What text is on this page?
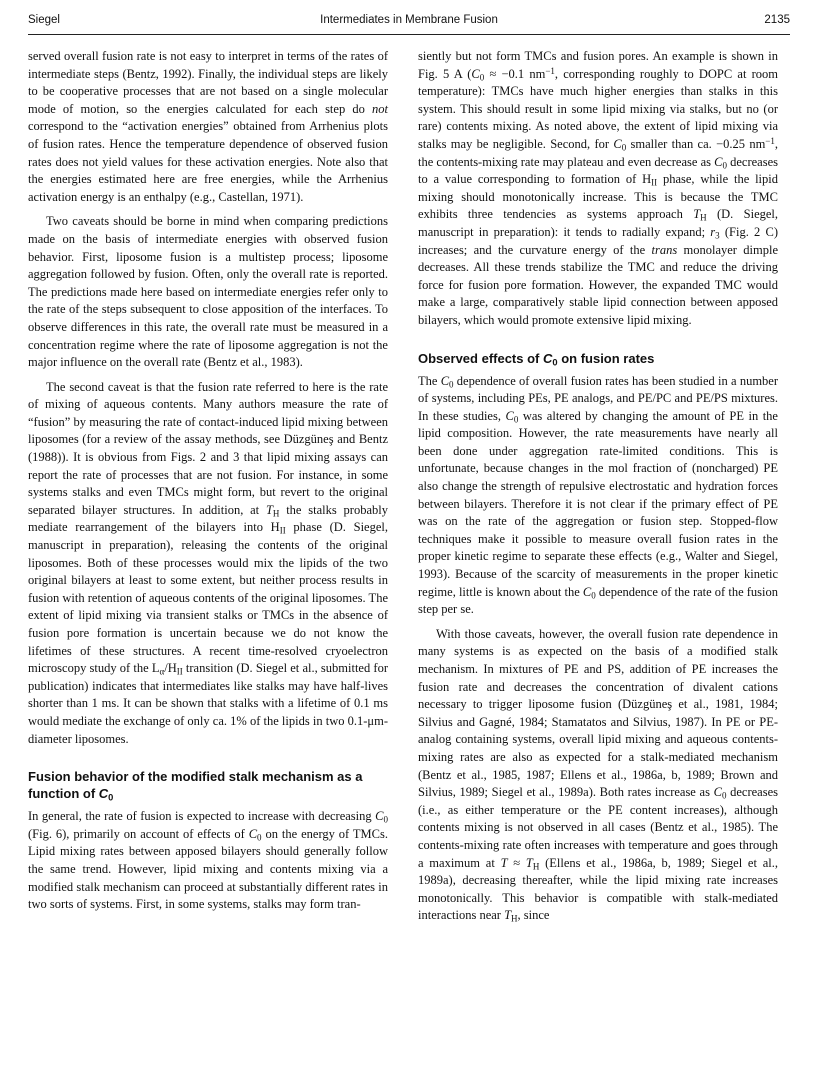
Siegel	Intermediates in Membrane Fusion	2135

served overall fusion rate is not easy to interpret in terms of the rates of intermediate steps (Bentz, 1992). Finally, the individual steps are likely to be cooperative processes that are not based on a single molecular mode of motion, so the energies calculated for each step do not correspond to the “activation energies” obtained from Arrhenius plots of fusion rates. Hence the temperature dependence of observed fusion rates does not yield values for these activation energies. Note also that the energies estimated here are free energies, while the Arrhenius activation energy is an enthalpy (e.g., Castellan, 1971).

Two caveats should be borne in mind when comparing predictions made on the basis of intermediate energies with observed fusion behavior. First, liposome fusion is a multistep process; liposome aggregation followed by fusion. Often, only the overall rate is reported. The predictions made here based on intermediate energies refer only to the rate of the steps subsequent to close apposition of the interfaces. To observe differences in this rate, the overall rate must be measured in a concentration regime where the rate of liposome aggregation is not the major influence on the overall rate (Bentz et al., 1983).

The second caveat is that the fusion rate referred to here is the rate of mixing of aqueous contents. Many authors measure the rate of “fusion” by measuring the rate of contact-induced lipid mixing between liposomes (for a review of the assay methods, see Düzgüneş and Bentz (1988)). It is obvious from Figs. 2 and 3 that lipid mixing assays can report the rate of processes that are not fusion. For instance, in some systems stalks and even TMCs might form, but revert to the original separated bilayer structures. In addition, at $T_H$ the stalks probably mediate rearrangement of the bilayers into $H_{II}$ phase (D. Siegel, manuscript in preparation), releasing the contents of the original liposomes. Both of these processes would mix the lipids of the two original bilayers at least to some extent, but neither process results in fusion with retention of aqueous contents of the original liposomes. The extent of lipid mixing via transient stalks or TMCs in the absence of fusion pore formation is uncertain because we do not know the lifetimes of these structures. A recent time-resolved cryoelectron microscopy study of the $L_\alpha/H_{II}$ transition (D. Siegel et al., submitted for publication) indicates that intermediates like stalks may have half-lives shorter than 1 ms. It can be shown that stalks with a lifetime of 0.1 ms would mediate the exchange of only ca. 1% of the lipids in two 0.1-μm-diameter liposomes.

Fusion behavior of the modified stalk mechanism as a function of $C_0$

In general, the rate of fusion is expected to increase with decreasing $C_0$ (Fig. 6), primarily on account of effects of $C_0$ on the energy of TMCs. Lipid mixing rates between apposed bilayers should generally follow the same trend. However, lipid mixing and contents mixing via a modified stalk mechanism can proceed at substantially different rates in two sorts of systems. First, in some systems, stalks may form tran-

siently but not form TMCs and fusion pores. An example is shown in Fig. 5 A ($C_0 \approx -0.1$ $nm^{-1}$, corresponding roughly to DOPC at room temperature): TMCs have much higher energies than stalks in this system. This should result in some lipid mixing via stalks, but no (or rare) contents mixing. As noted above, the extent of lipid mixing via stalks may be negligible. Second, for $C_0$ smaller than ca. −0.25 $nm^{-1}$, the contents-mixing rate may plateau and even decrease as $C_0$ decreases to a value corresponding to formation of $H_{II}$ phase, while the lipid mixing should monotonically increase. This is because the TMC exhibits three tendencies as systems approach $T_H$ (D. Siegel, manuscript in preparation): it tends to radially expand; $r_3$ (Fig. 2 C) increases; and the curvature energy of the trans monolayer dimple decreases. All these trends stabilize the TMC and reduce the driving force for fusion pore formation. However, the expanded TMC would make a large, comparatively stable lipid connection between apposed bilayers, which would promote extensive lipid mixing.

Observed effects of $C_0$ on fusion rates

The $C_0$ dependence of overall fusion rates has been studied in a number of systems, including PEs, PE analogs, and PE/PC and PE/PS mixtures. In these studies, $C_0$ was altered by changing the amount of PE in the lipid composition. However, the rate measurements have nearly all been done under aggregation rate-limited conditions. This is unfortunate, because changes in the mol fraction of (noncharged) PE also change the strength of repulsive electrostatic and hydration forces between bilayers. Therefore it is not clear if the primary effect of PE was on the rate of the aggregation or fusion step. Stopped-flow techniques make it possible to measure overall fusion rates in the proper kinetic regime to separate these effects (e.g., Walter and Siegel, 1993). Because of the scarcity of measurements in the proper kinetic regime, little is known about the $C_0$ dependence of the rate of the fusion step per se.

With those caveats, however, the overall fusion rate dependence in many systems is as expected on the basis of a modified stalk mechanism. In mixtures of PE and PS, addition of PE increases the fusion rate and decreases the concentration of divalent cations necessary to trigger liposome fusion (Düzgüneş et al., 1981, 1984; Silvius and Gagné, 1984; Stamatatos and Silvius, 1987). In PE or PE-analog containing systems, overall lipid mixing and aqueous contents-mixing rates are also as expected for a stalk-mediated mechanism (Bentz et al., 1985, 1987; Ellens et al., 1986a, b, 1989; Brown and Silvius, 1989; Siegel et al., 1989a). Both rates increase as $C_0$ decreases (i.e., as either temperature or the PE content increases), although contents mixing is not observed in all cases (Bentz et al., 1985). The contents-mixing rate often increases with temperature and goes through a maximum at $T \approx T_H$ (Ellens et al., 1986a, b, 1989; Siegel et al., 1989a), decreasing thereafter, while the lipid mixing rate increases monotonically. This behavior is compatible with stalk-mediated interactions near $T_H$, since
